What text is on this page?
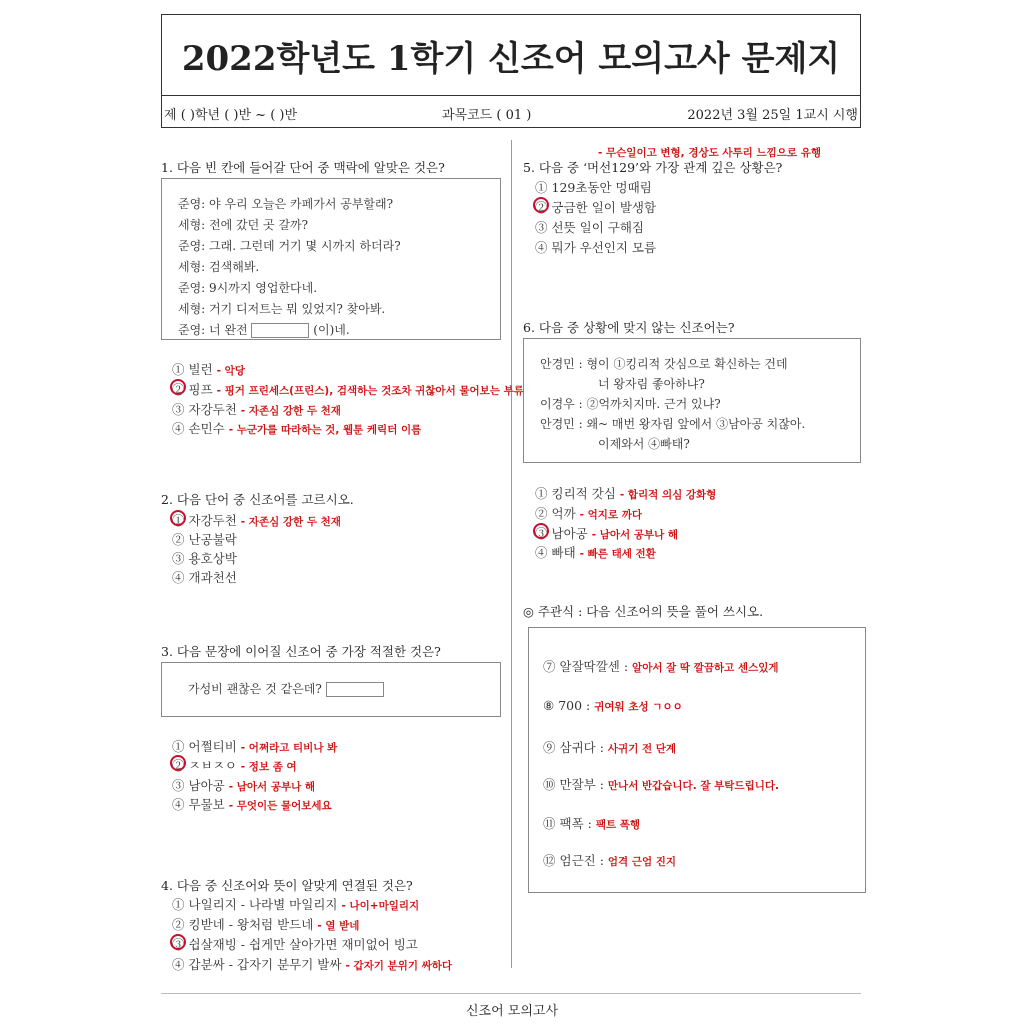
2022학년도 1학기 신조어 모의고사 문제지
제 ( )학년 ( )반 ~ ( )반	과목코드 ( 01 )	2022년 3월 25일 1교시 시행
1. 다음 빈 칸에 들어갈 단어 중 맥락에 알맞은 것은?
준영: 야 우리 오늘은 카페가서 공부할래?
세형: 전에 갔던 곳 갈까?
준영: 그래. 그런데 거기 몇 시까지 하더라?
세형: 검색해봐.
준영: 9시까지 영업한다네.
세형: 거기 디저트는 뭐 있었지? 찾아봐.
준영: 너 완전	(이)네.
① 빌런 - 악당
② 핑프 - 핑거 프린세스(프린스), 검색하는 것조차 귀찮아서 물어보는 부류
③ 자강두천 - 자존심 강한 두 천재
④ 손민수 - 누군가를 따라하는 것, 웹툰 케릭터 이름
2. 다음 단어 중 신조어를 고르시오.
① 자강두천 - 자존심 강한 두 천재
② 난공불락
③ 용호상박
④ 개과천선
3. 다음 문장에 이어질 신조어 중 가장 적절한 것은?
가성비 괜찮은 것 같은데?
① 어쩔티비 - 어쩌라고 티비나 봐
② ㅈㅂㅈㅇ - 정보 좀 여
③ 남아공 - 남아서 공부나 해
④ 무물보 - 무엇이든 물어보세요
4. 다음 중 신조어와 뜻이 알맞게 연결된 것은?
① 나일리지 - 나라별 마일리지 - 나이+마일리지
② 킹받네 - 왕처럼 받드네 - 열 받네
③ 쉽살재빙 - 쉽게만 살아가면 재미없어 빙고
④ 갑분싸 - 갑자기 분무기 발싸 - 갑자기 분위기 싸하다
- 무슨일이고 변형, 경상도 사투리 느낌으로 유행
5. 다음 중 ‘머선129’와 가장 관계 깊은 상황은?
① 129초동안 멍때림
② 궁금한 일이 발생함
③ 선뜻 일이 구해짐
④ 뭐가 우선인지 모름
6. 다음 중 상황에 맞지 않는 신조어는?
안경민 : 형이 ①킹리적 갓심으로 확신하는 건데
너 왕자림 좋아하냐?
이경우 : ②억까치지마. 근거 있냐?
안경민 : 왜~ 매번 왕자림 앞에서 ③남아공 치잖아.
이제와서 ④빠태?
① 킹리적 갓심 - 합리적 의심 강화형
② 억까 - 억지로 까다
③ 남아공 - 남아서 공부나 해
④ 빠태 - 빠른 태세 전환
◎ 주관식 : 다음 신조어의 뜻을 풀어 쓰시오.
⑦ 알잘딱깔센 : 알아서 잘 딱 깔끔하고 센스있게
⑧ 700 : 귀여워 초성 ㄱㅇㅇ
⑨ 삼귀다 : 사귀기 전 단계
⑩ 만잘부 : 만나서 반갑습니다. 잘 부탁드립니다.
⑪ 팩폭 : 팩트 폭행
⑫ 엄근진 : 엄격 근엄 진지
신조어 모의고사
